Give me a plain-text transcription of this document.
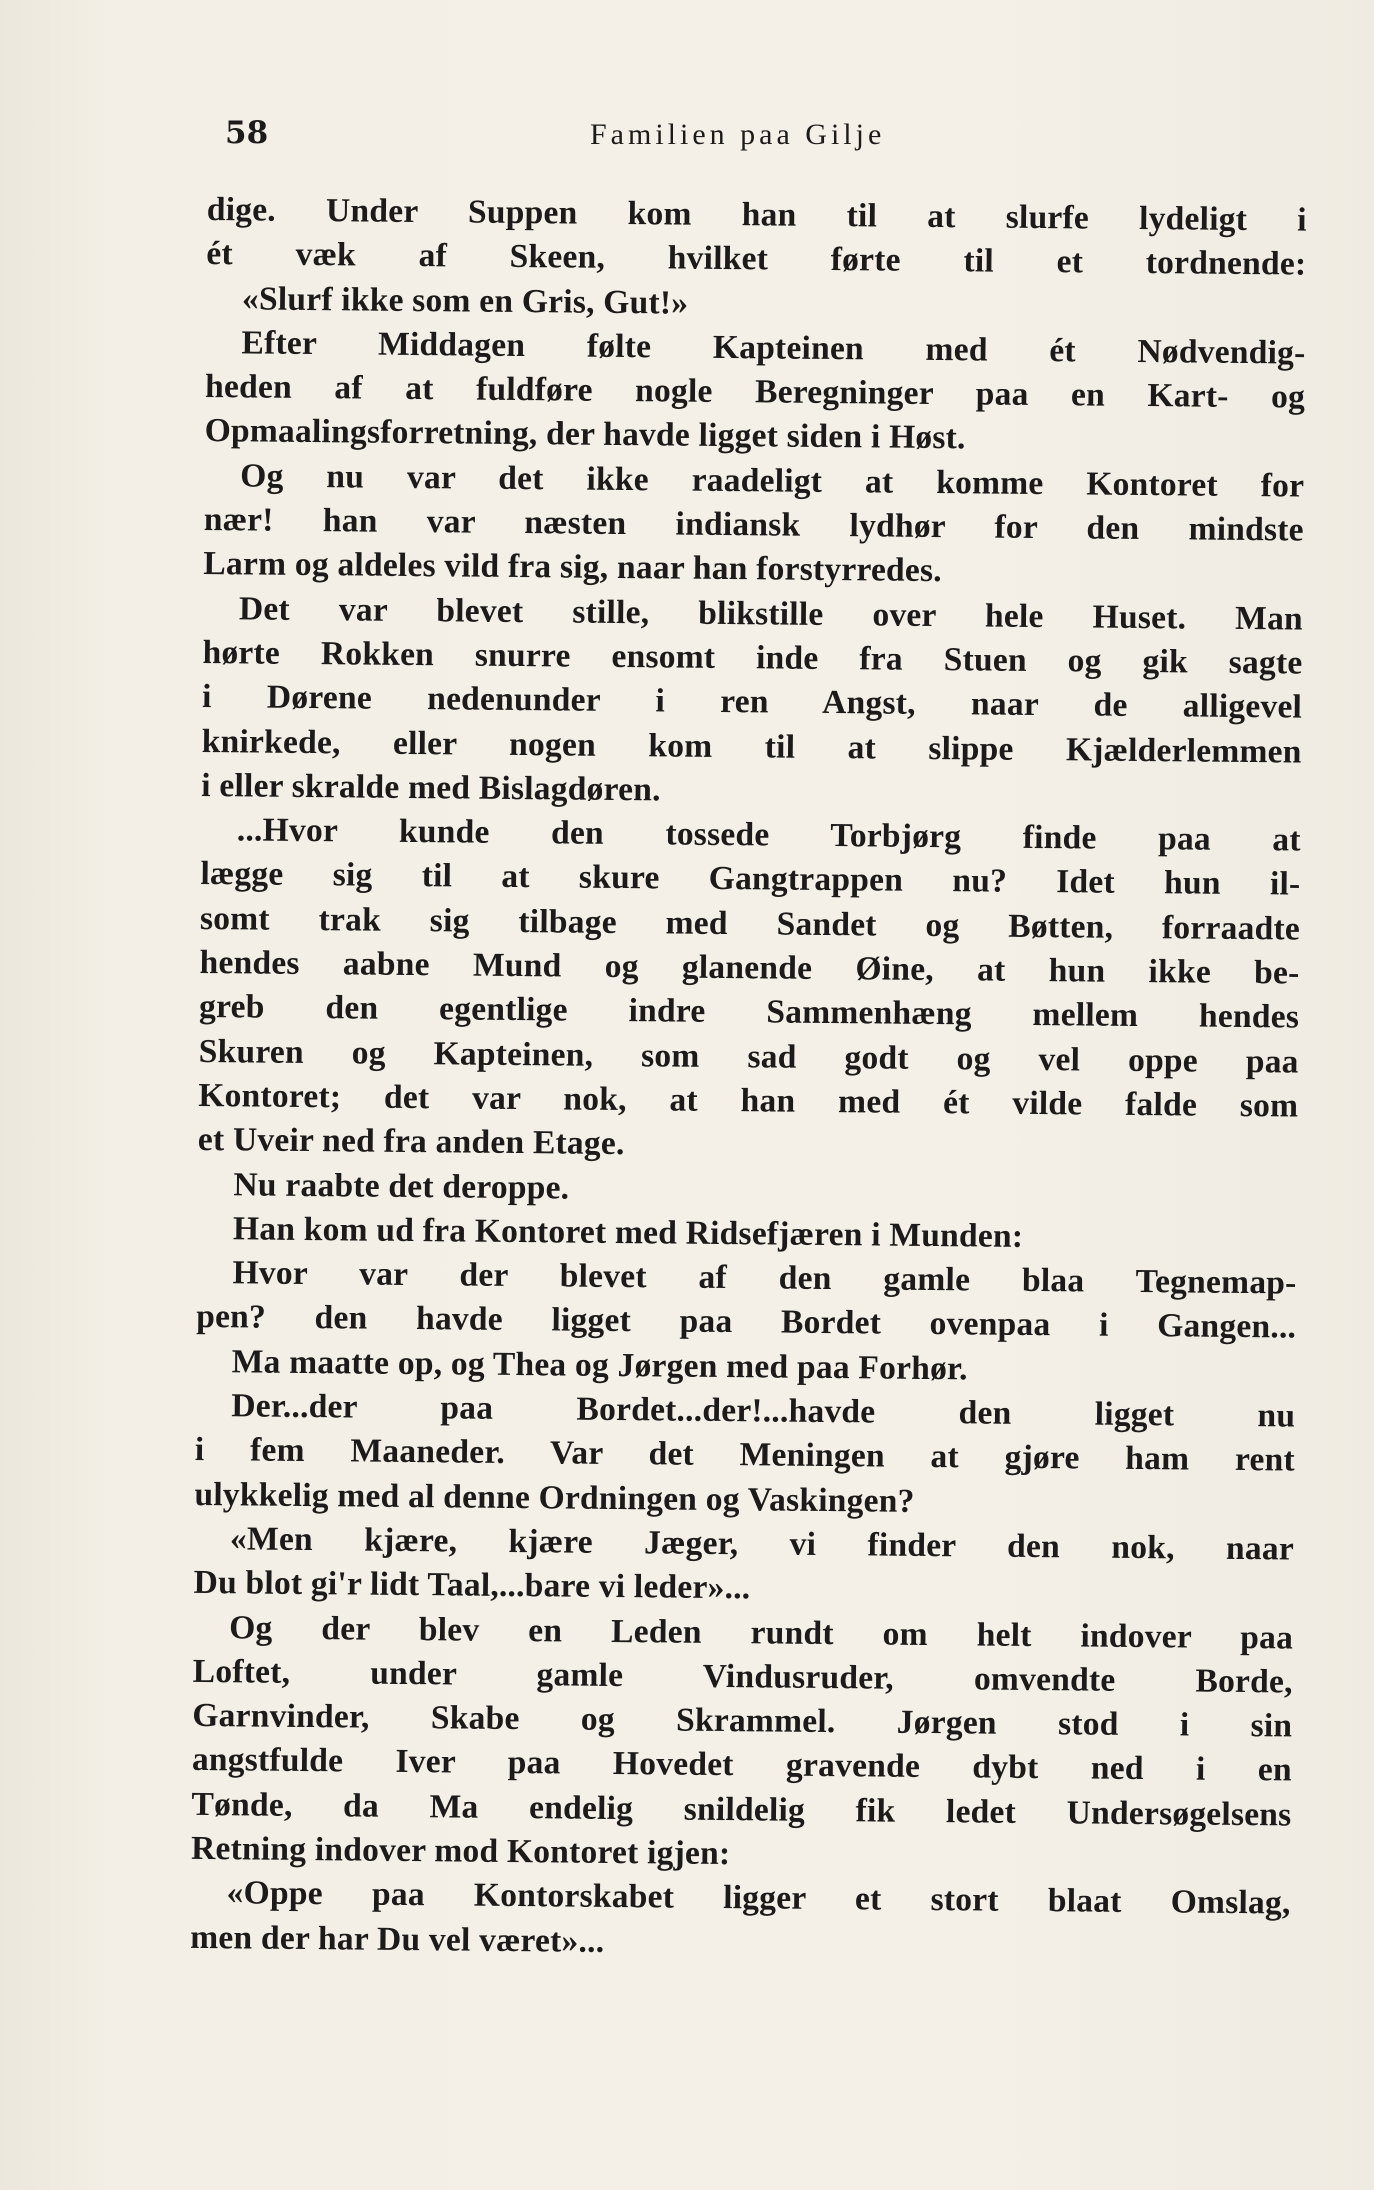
58	Familien paa Gilje
dige. Under Suppen kom han til at slurfe lydeligt i
ét væk af Skeen, hvilket førte til et tordnende:
«Slurf ikke som en Gris, Gut!»
Efter Middagen følte Kapteinen med ét Nødvendig-
heden af at fuldføre nogle Beregninger paa en Kart- og
Opmaalingsforretning, der havde ligget siden i Høst.
Og nu var det ikke raadeligt at komme Kontoret for
nær! han var næsten indiansk lydhør for den mindste
Larm og aldeles vild fra sig, naar han forstyrredes.
Det var blevet stille, blikstille over hele Huset. Man
hørte Rokken snurre ensomt inde fra Stuen og gik sagte
i Dørene nedenunder i ren Angst, naar de alligevel
knirkede, eller nogen kom til at slippe Kjælderlemmen
i eller skralde med Bislagdøren.
...Hvor kunde den tossede Torbjørg finde paa at
lægge sig til at skure Gangtrappen nu? Idet hun il-
somt trak sig tilbage med Sandet og Bøtten, forraadte
hendes aabne Mund og glanende Øine, at hun ikke be-
greb den egentlige indre Sammenhæng mellem hendes
Skuren og Kapteinen, som sad godt og vel oppe paa
Kontoret; det var nok, at han med ét vilde falde som
et Uveir ned fra anden Etage.
Nu raabte det deroppe.
Han kom ud fra Kontoret med Ridsefjæren i Munden:
Hvor var der blevet af den gamle blaa Tegnemap-
pen? den havde ligget paa Bordet ovenpaa i Gangen...
Ma maatte op, og Thea og Jørgen med paa Forhør.
Der...der paa Bordet...der!...havde den ligget nu
i fem Maaneder. Var det Meningen at gjøre ham rent
ulykkelig med al denne Ordningen og Vaskingen?
«Men kjære, kjære Jæger, vi finder den nok, naar
Du blot gi'r lidt Taal,...bare vi leder»...
Og der blev en Leden rundt om helt indover paa
Loftet, under gamle Vindusruder, omvendte Borde,
Garnvinder, Skabe og Skrammel. Jørgen stod i sin
angstfulde Iver paa Hovedet gravende dybt ned i en
Tønde, da Ma endelig snildelig fik ledet Undersøgelsens
Retning indover mod Kontoret igjen:
«Oppe paa Kontorskabet ligger et stort blaat Omslag,
men der har Du vel været»...
